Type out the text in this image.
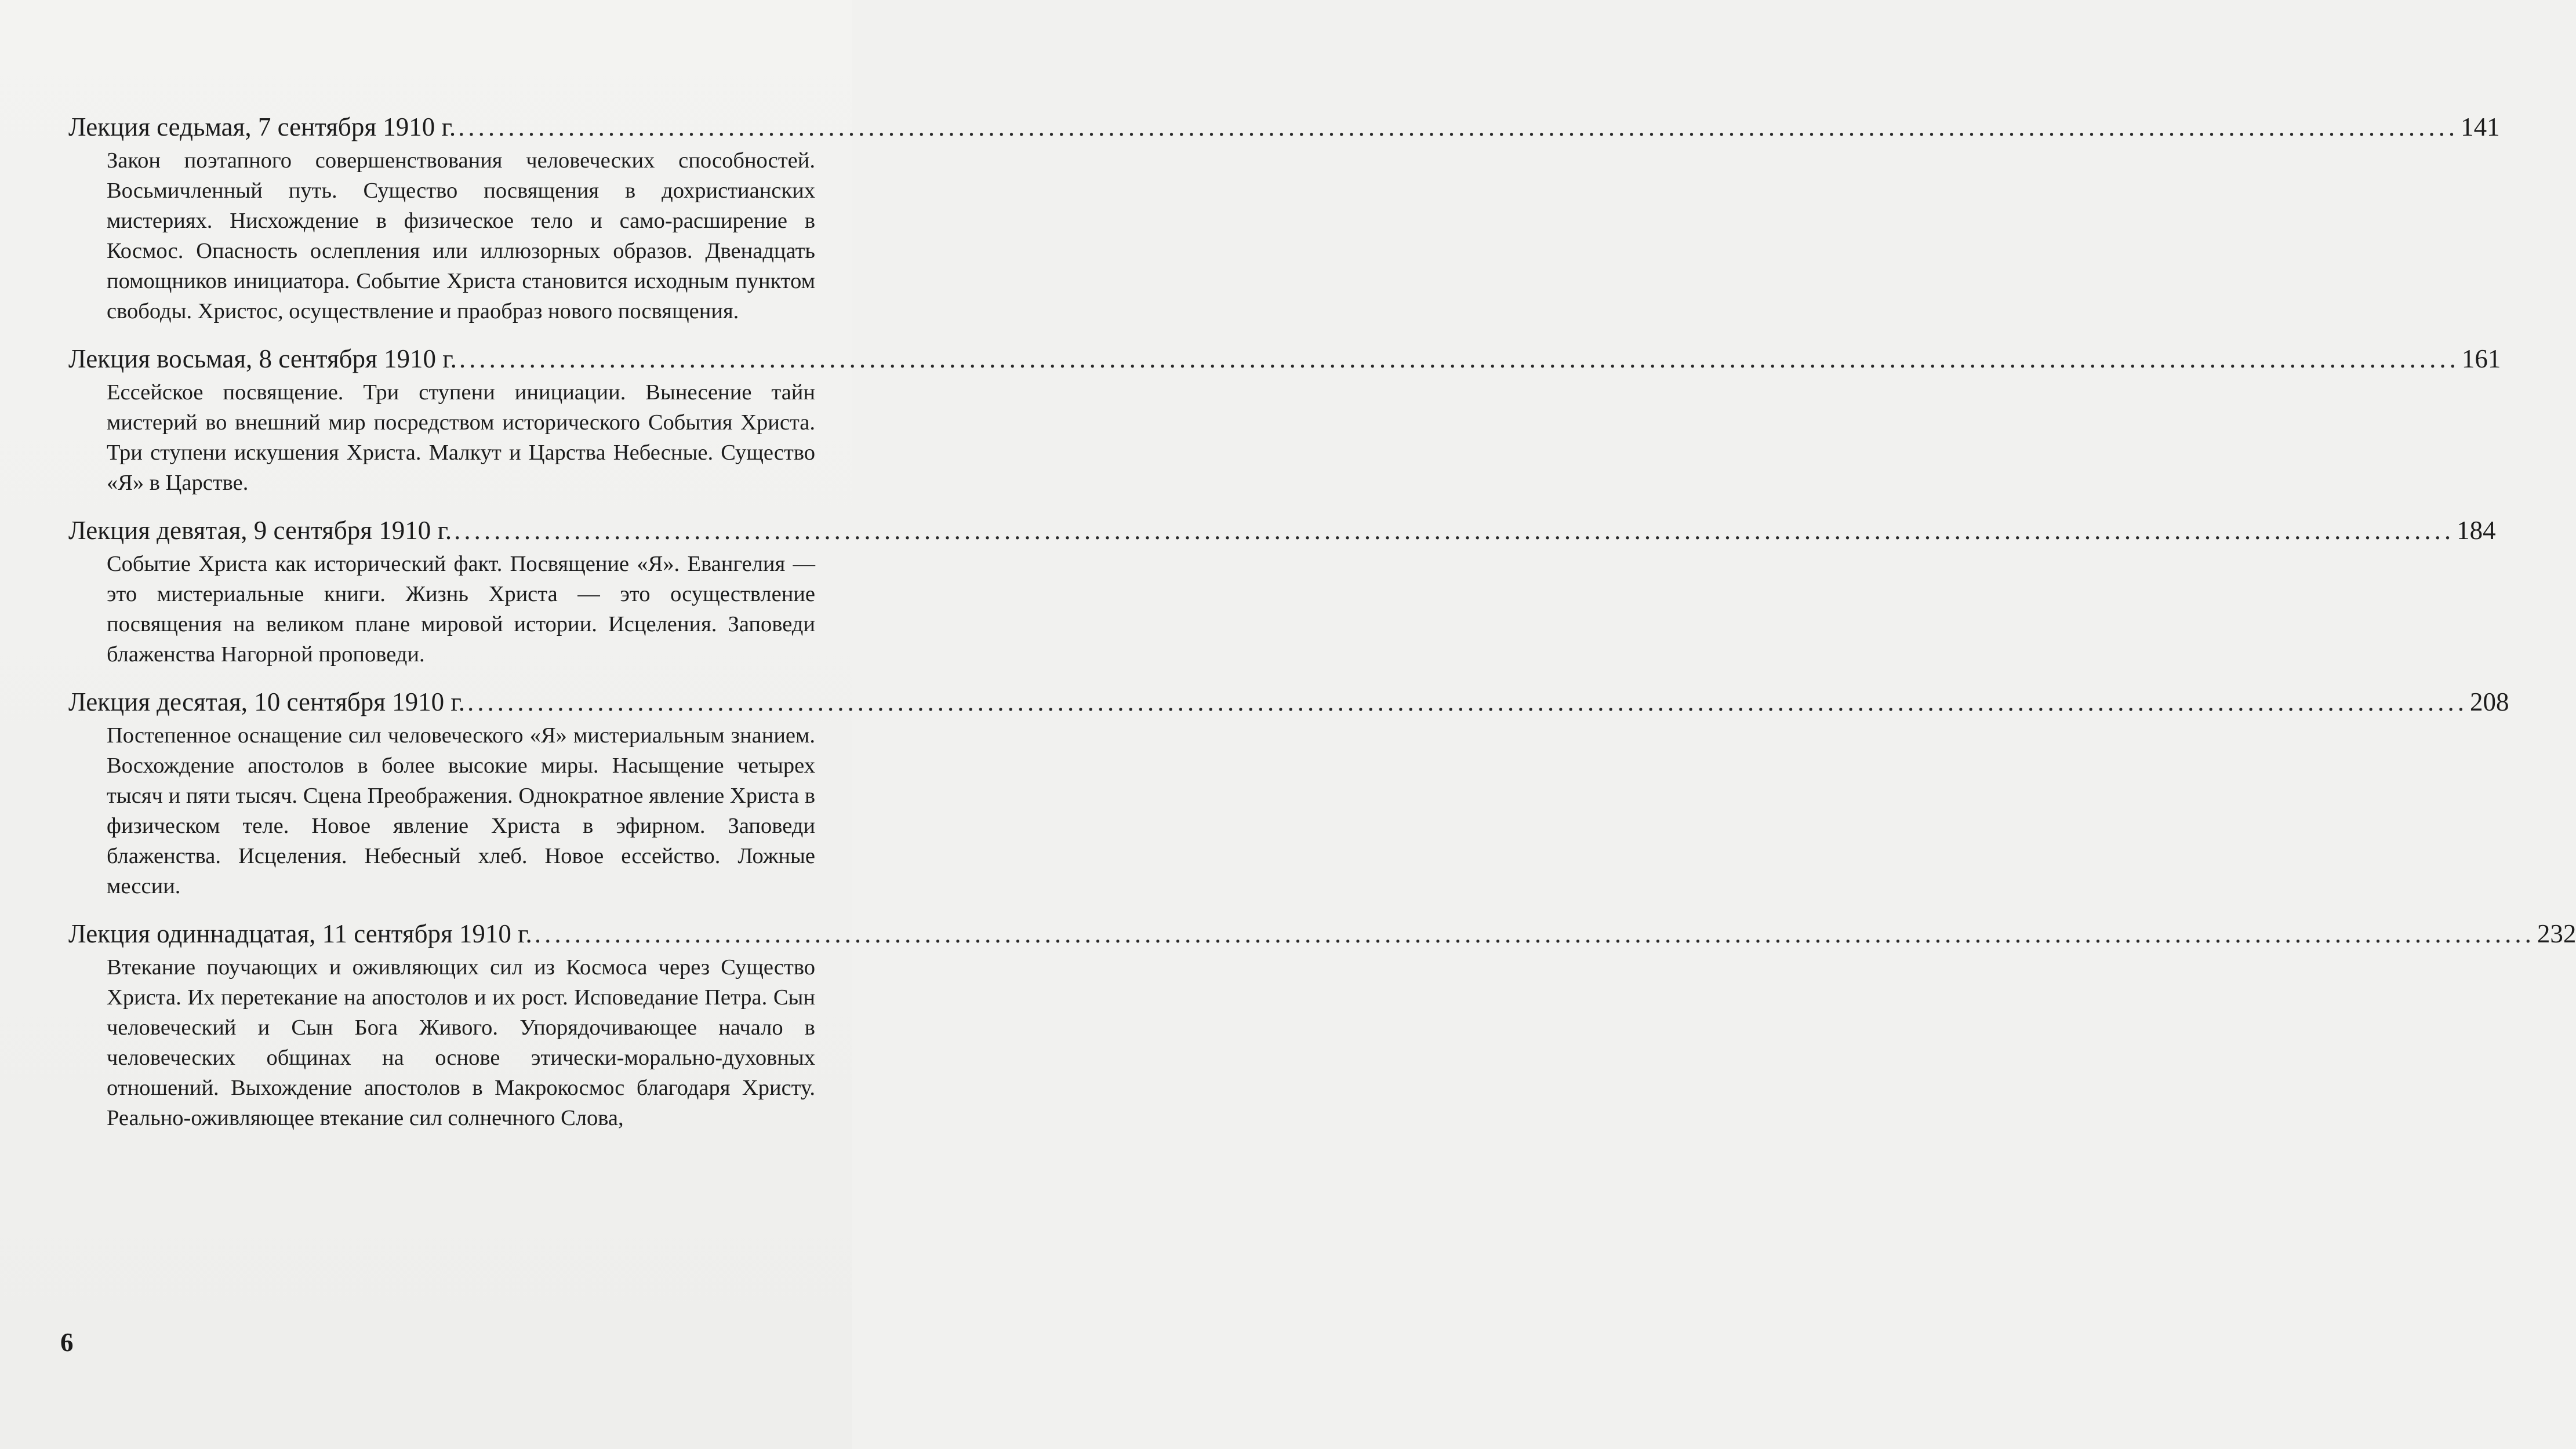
Лекция седьмая, 7 сентября 1910 г. ........................................................................................................................................................................................................ 141
Закон поэтапного совершенствования человеческих способностей. Восьмичленный путь. Существо посвящения в дохристианских мистериях. Нисхождение в физическое тело и само-расширение в Космос. Опасность ослепления или иллюзорных образов. Двенадцать помощников инициатора. Событие Христа становится исходным пунктом свободы. Христос, осуществление и праобраз нового посвящения.
Лекция восьмая, 8 сентября 1910 г. ........................................................................................................................................................................................................ 161
Ессейское посвящение. Три ступени инициации. Вынесение тайн мистерий во внешний мир посредством исторического События Христа. Три ступени искушения Христа. Малкут и Царства Небесные. Существо «Я» в Царстве.
Лекция девятая, 9 сентября 1910 г. ........................................................................................................................................................................................................ 184
Событие Христа как исторический факт. Посвящение «Я». Евангелия — это мистериальные книги. Жизнь Христа — это осуществление посвящения на великом плане мировой истории. Исцеления. Заповеди блаженства Нагорной проповеди.
Лекция десятая, 10 сентября 1910 г. ........................................................................................................................................................................................................ 208
Постепенное оснащение сил человеческого «Я» мистериальным знанием. Восхождение апостолов в более высокие миры. Насыщение четырех тысяч и пяти тысяч. Сцена Преображения. Однократное явление Христа в физическом теле. Новое явление Христа в эфирном. Заповеди блаженства. Исцеления. Небесный хлеб. Новое ессейство. Ложные мессии.
Лекция одиннадцатая, 11 сентября 1910 г. ........................................................................................................................................................................................................ 232
Втекание поучающих и оживляющих сил из Космоса через Существо Христа. Их перетекание на апостолов и их рост. Исповедание Петра. Сын человеческий и Сын Бога Живого. Упорядочивающее начало в человеческих общинах на основе этически-морально-духовных отношений. Выхождение апостолов в Макрокосмос благодаря Христу. Реально-оживляющее втекание сил солнечного Слова,
6
